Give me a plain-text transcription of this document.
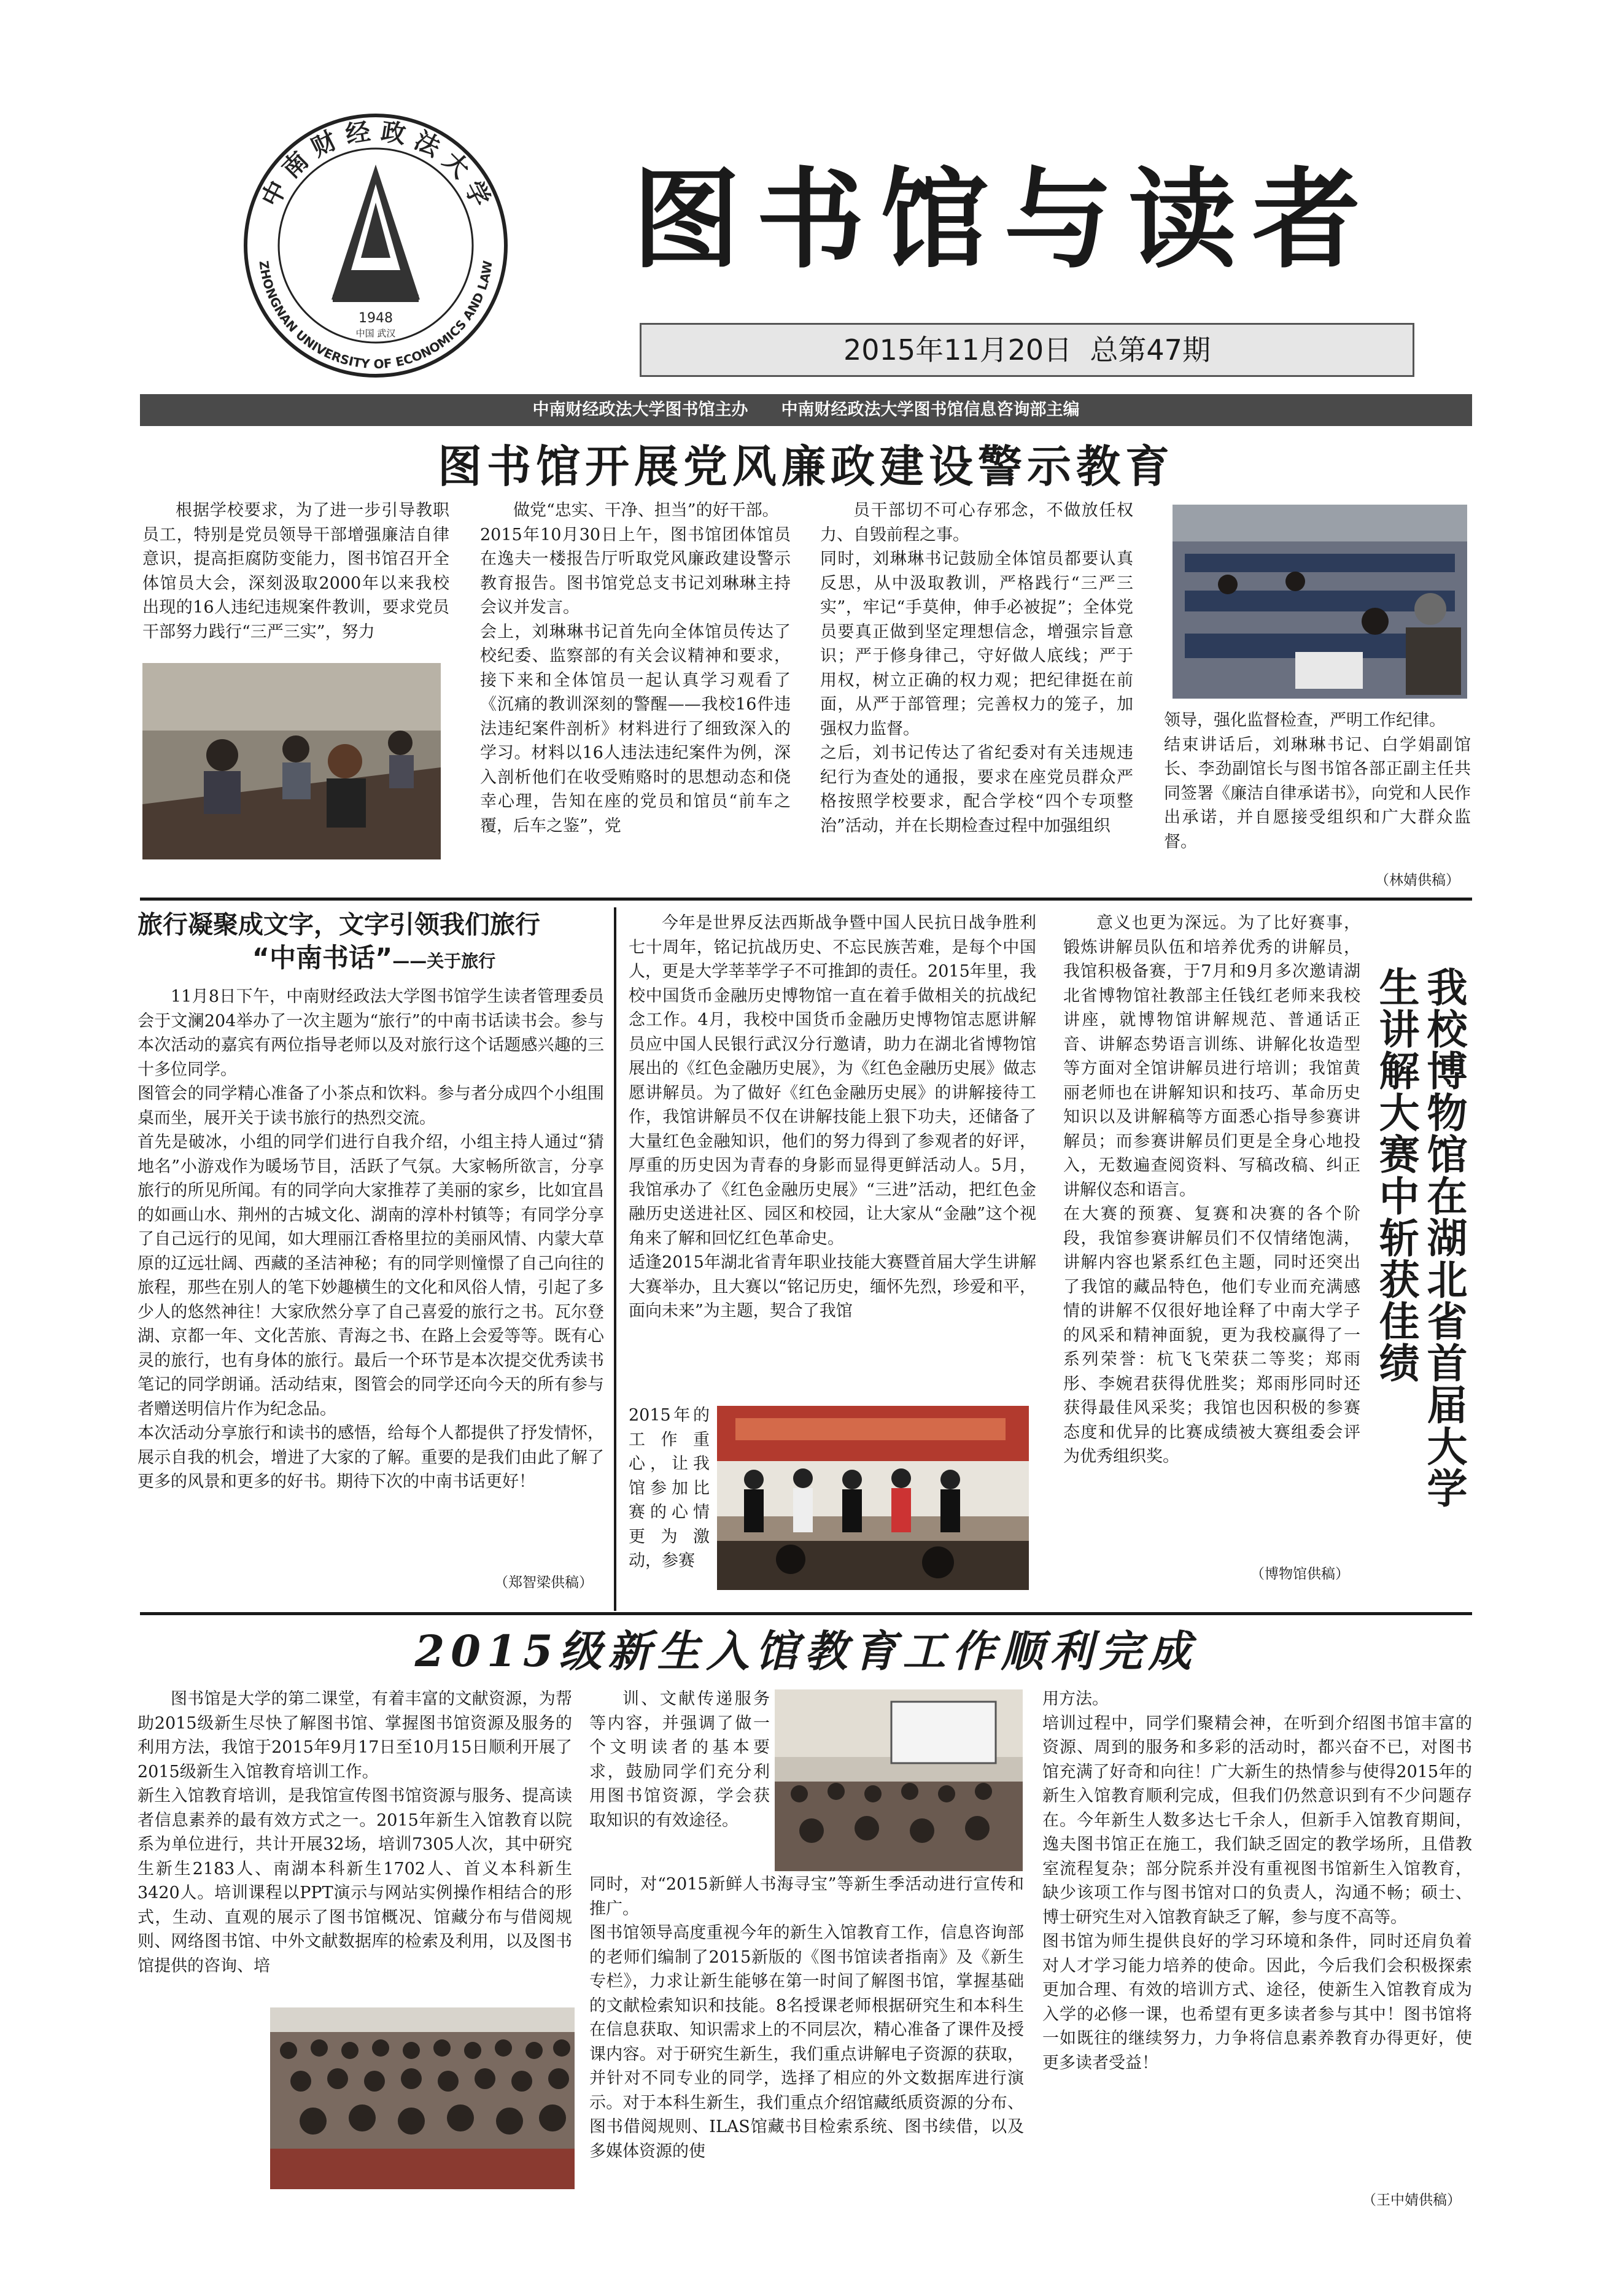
1948
中国 武汉
中 南 财 经 政 法 大 学
ZHONGNAN UNIVERSITY OF ECONOMICS AND LAW 图书馆与读者
2015年11月20日  总第47期
中南财经政法大学图书馆主办　　中南财经政法大学图书馆信息咨询部主编
图书馆开展党风廉政建设警示教育

根据学校要求，为了进一步引导教职员工，特别是党员领导干部增强廉洁自律意识，提高拒腐防变能力，图书馆召开全体馆员大会，深刻汲取2000年以来我校出现的16人违纪违规案件教训，要求党员干部努力践行“三严三实”，努力

做党“忠实、干净、担当”的好干部。
2015年10月30日上午，图书馆团体馆员在逸夫一楼报告厅听取党风廉政建设警示教育报告。图书馆党总支书记刘琳琳主持会议并发言。
会上，刘琳琳书记首先向全体馆员传达了校纪委、监察部的有关会议精神和要求，接下来和全体馆员一起认真学习观看了《沉痛的教训深刻的警醒——我校16件违法违纪案件剖析》材料进行了细致深入的学习。材料以16人违法违纪案件为例，深入剖析他们在收受贿赂时的思想动态和侥幸心理，告知在座的党员和馆员“前车之覆，后车之鉴”，党
员干部切不可心存邪念，不做放任权力、自毁前程之事。
同时，刘琳琳书记鼓励全体馆员都要认真反思，从中汲取教训，严格践行“三严三实”，牢记“手莫伸，伸手必被捉”；全体党员要真正做到坚定理想信念，增强宗旨意识；严于修身律己，守好做人底线；严于用权，树立正确的权力观；把纪律挺在前面，从严于部管理；完善权力的笼子，加强权力监督。
之后，刘书记传达了省纪委对有关违规违纪行为查处的通报，要求在座党员群众严格按照学校要求，配合学校“四个专项整治”活动，并在长期检查过程中加强组织
领导，强化监督检查，严明工作纪律。
结束讲话后，刘琳琳书记、白学娟副馆长、李劲副馆长与图书馆各部正副主任共同签署《廉洁自律承诺书》，向党和人民作出承诺，并自愿接受组织和广大群众监督。
（林婧供稿）
旅行凝聚成文字，文字引领我们旅行
“中南书话”——关于旅行
11月8日下午，中南财经政法大学图书馆学生读者管理委员会于文澜204举办了一次主题为“旅行”的中南书话读书会。参与本次活动的嘉宾有两位指导老师以及对旅行这个话题感兴趣的三十多位同学。
图管会的同学精心准备了小茶点和饮料。参与者分成四个小组围桌而坐，展开关于读书旅行的热烈交流。
首先是破冰，小组的同学们进行自我介绍，小组主持人通过“猜地名”小游戏作为暖场节目，活跃了气氛。大家畅所欲言，分享旅行的所见所闻。有的同学向大家推荐了美丽的家乡，比如宜昌的如画山水、荆州的古城文化、湖南的淳朴村镇等；有同学分享了自己远行的见闻，如大理丽江香格里拉的美丽风情、内蒙大草原的辽远壮阔、西藏的圣洁神秘；有的同学则憧憬了自己向往的旅程，那些在别人的笔下妙趣横生的文化和风俗人情，引起了多少人的悠然神往！大家欣然分享了自己喜爱的旅行之书。瓦尔登湖、京都一年、文化苦旅、青海之书、在路上会爱等等。既有心灵的旅行，也有身体的旅行。最后一个环节是本次提交优秀读书笔记的同学朗诵。活动结束，图管会的同学还向今天的所有参与者赠送明信片作为纪念品。
本次活动分享旅行和读书的感悟，给每个人都提供了抒发情怀，展示自我的机会，增进了大家的了解。重要的是我们由此了解了更多的风景和更多的好书。期待下次的中南书话更好！
（郑智梁供稿）
今年是世界反法西斯战争暨中国人民抗日战争胜利七十周年，铭记抗战历史、不忘民族苦难，是每个中国人，更是大学莘莘学子不可推卸的责任。2015年里，我校中国货币金融历史博物馆一直在着手做相关的抗战纪念工作。4月，我校中国货币金融历史博物馆志愿讲解员应中国人民银行武汉分行邀请，助力在湖北省博物馆展出的《红色金融历史展》，为《红色金融历史展》做志愿讲解员。为了做好《红色金融历史展》的讲解接待工作，我馆讲解员不仅在讲解技能上狠下功夫，还储备了大量红色金融知识，他们的努力得到了参观者的好评，厚重的历史因为青春的身影而显得更鲜活动人。5月，我馆承办了《红色金融历史展》“三进”活动，把红色金融历史送进社区、园区和校园，让大家从“金融”这个视角来了解和回忆红色革命史。
适逢2015年湖北省青年职业技能大赛暨首届大学生讲解大赛举办，且大赛以“铭记历史，缅怀先烈，珍爱和平，面向未来”为主题，契合了我馆
2015年的工作重心，让我馆参加比赛的心情更为激动，参赛
意义也更为深远。为了比好赛事，锻炼讲解员队伍和培养优秀的讲解员，我馆积极备赛，于7月和9月多次邀请湖北省博物馆社教部主任钱红老师来我校讲座，就博物馆讲解规范、普通话正音、讲解态势语言训练、讲解化妆造型等方面对全馆讲解员进行培训；我馆黄丽老师也在讲解知识和技巧、革命历史知识以及讲解稿等方面悉心指导参赛讲解员；而参赛讲解员们更是全身心地投入，无数遍查阅资料、写稿改稿、纠正讲解仪态和语言。
在大赛的预赛、复赛和决赛的各个阶段，我馆参赛讲解员们不仅情绪饱满，讲解内容也紧系红色主题，同时还突出了我馆的藏品特色，他们专业而充满感情的讲解不仅很好地诠释了中南大学子的风采和精神面貌，更为我校赢得了一系列荣誉：杭飞飞荣获二等奖；郑雨彤、李婉君获得优胜奖；郑雨彤同时还获得最佳风采奖；我馆也因积极的参赛态度和优异的比赛成绩被大赛组委会评为优秀组织奖。
（博物馆供稿）
我校博物馆在湖北省首届大学生讲解大赛中斩获佳绩
2015级新生入馆教育工作顺利完成
图书馆是大学的第二课堂，有着丰富的文献资源，为帮助2015级新生尽快了解图书馆、掌握图书馆资源及服务的利用方法，我馆于2015年9月17日至10月15日顺利开展了2015级新生入馆教育培训工作。
新生入馆教育培训，是我馆宣传图书馆资源与服务、提高读者信息素养的最有效方式之一。2015年新生入馆教育以院系为单位进行，共计开展32场，培训7305人次，其中研究生新生2183人、南湖本科新生1702人、首义本科新生3420人。培训课程以PPT演示与网站实例操作相结合的形式，生动、直观的展示了图书馆概况、馆藏分布与借阅规则、网络图书馆、中外文献数据库的检索及利用，以及图书馆提供的咨询、培

训、文献传递服务等内容，并强调了做一个文明读者的基本要求，鼓励同学们充分利用图书馆资源，学会获取知识的有效途径。

同时，对“2015新鲜人书海寻宝”等新生季活动进行宣传和推广。
图书馆领导高度重视今年的新生入馆教育工作，信息咨询部的老师们编制了2015新版的《图书馆读者指南》及《新生专栏》，力求让新生能够在第一时间了解图书馆，掌握基础的文献检索知识和技能。8名授课老师根据研究生和本科生在信息获取、知识需求上的不同层次，精心准备了课件及授课内容。对于研究生新生，我们重点讲解电子资源的获取，并针对不同专业的同学，选择了相应的外文数据库进行演示。对于本科生新生，我们重点介绍馆藏纸质资源的分布、图书借阅规则、ILAS馆藏书目检索系统、图书续借，以及多媒体资源的使
用方法。
培训过程中，同学们聚精会神，在听到介绍图书馆丰富的资源、周到的服务和多彩的活动时，都兴奋不已，对图书馆充满了好奇和向往！广大新生的热情参与使得2015年的新生入馆教育顺利完成，但我们仍然意识到有不少问题存在。今年新生人数多达七千余人，但新手入馆教育期间，逸夫图书馆正在施工，我们缺乏固定的教学场所，且借教室流程复杂；部分院系并没有重视图书馆新生入馆教育，缺少该项工作与图书馆对口的负责人，沟通不畅；硕士、博士研究生对入馆教育缺乏了解，参与度不高等。
图书馆为师生提供良好的学习环境和条件，同时还肩负着对人才学习能力培养的使命。因此，今后我们会积极探索更加合理、有效的培训方式、途径，使新生入馆教育成为入学的必修一课，也希望有更多读者参与其中！图书馆将一如既往的继续努力，力争将信息素养教育办得更好，使更多读者受益！
（王中婧供稿）
